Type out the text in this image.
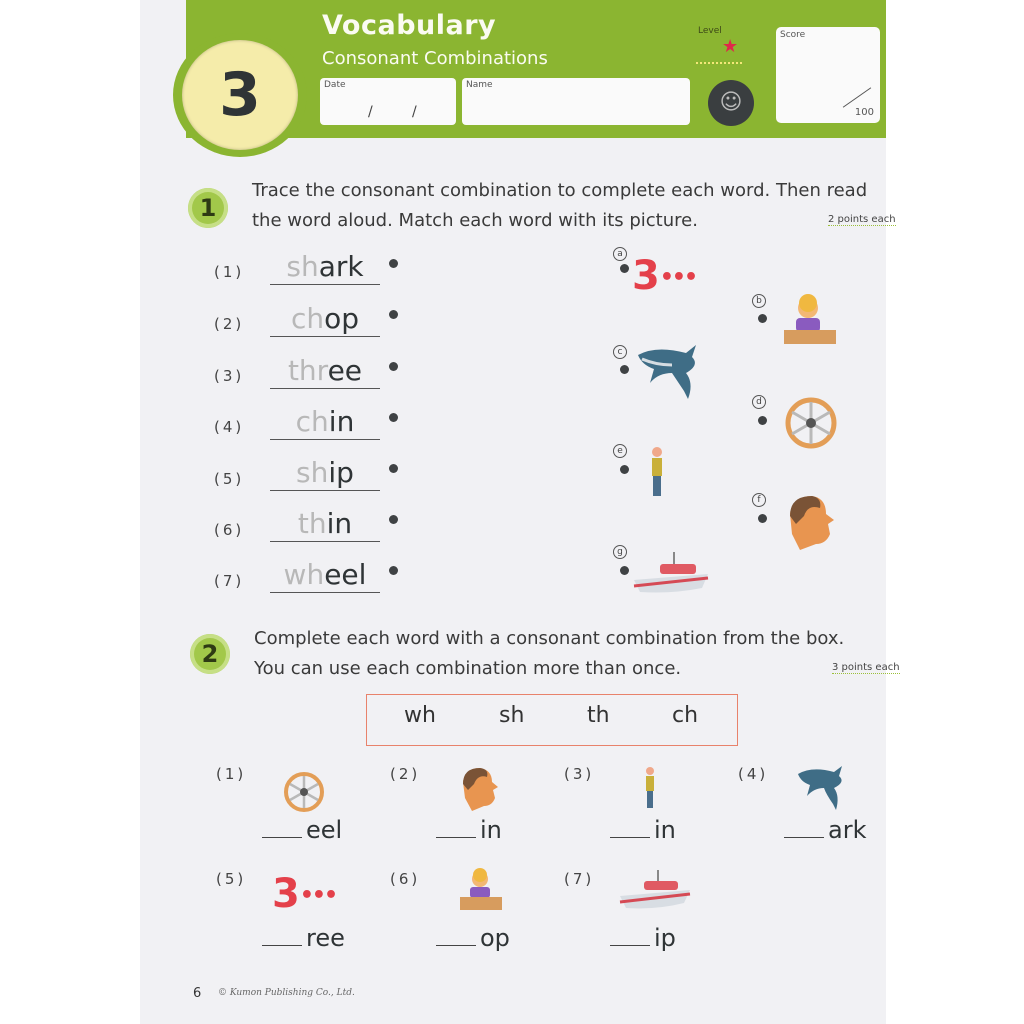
3
Vocabulary
Consonant Combinations
Date
/	/
Name
Level
★
☺
Score
100
1
Trace the consonant combination to complete each word. Then read
the word aloud. Match each word with its picture.	2 points each
(1)	shark
(2)	chop
(3)	three
(4)	chin
(5)	ship
(6)	thin
(7)	wheel
a 3•••
b
c
d
e
f
g
2
Complete each word with a consonant combination from the box.
You can use each combination more than once.	3 points each
wh	sh	th	ch
(1)
eel
(2)
in
(3)
in
(4)
ark
(5) 3•••
ree
(6)
op
(7)
ip
6 © Kumon Publishing Co., Ltd.
